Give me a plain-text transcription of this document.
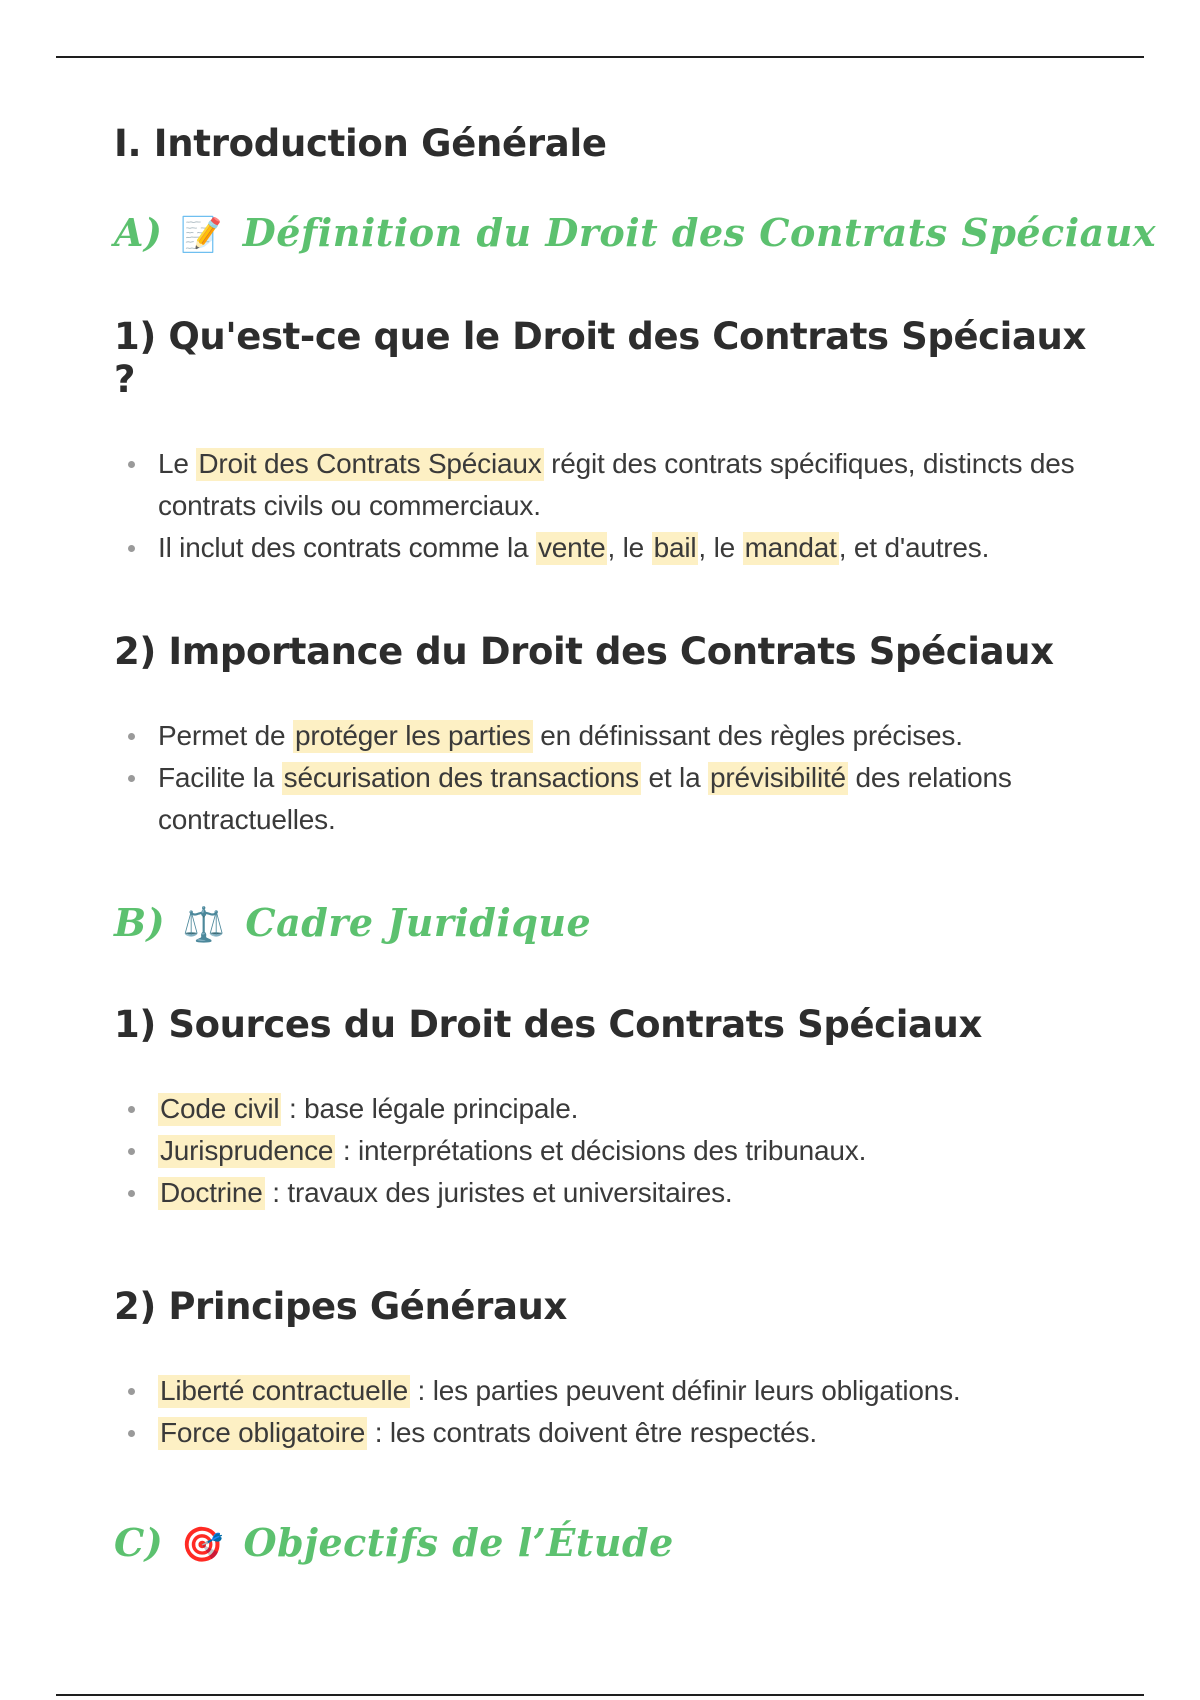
I. Introduction Générale
A) 📝 Définition du Droit des Contrats Spéciaux
1) Qu'est-ce que le Droit des Contrats Spéciaux ?
Le Droit des Contrats Spéciaux régit des contrats spécifiques, distincts des contrats civils ou commerciaux.
Il inclut des contrats comme la vente, le bail, le mandat, et d'autres.
2) Importance du Droit des Contrats Spéciaux
Permet de protéger les parties en définissant des règles précises.
Facilite la sécurisation des transactions et la prévisibilité des relations contractuelles.
B) ⚖️ Cadre Juridique
1) Sources du Droit des Contrats Spéciaux
Code civil : base légale principale.
Jurisprudence : interprétations et décisions des tribunaux.
Doctrine : travaux des juristes et universitaires.
2) Principes Généraux
Liberté contractuelle : les parties peuvent définir leurs obligations.
Force obligatoire : les contrats doivent être respectés.
C) 🎯 Objectifs de l’Étude
